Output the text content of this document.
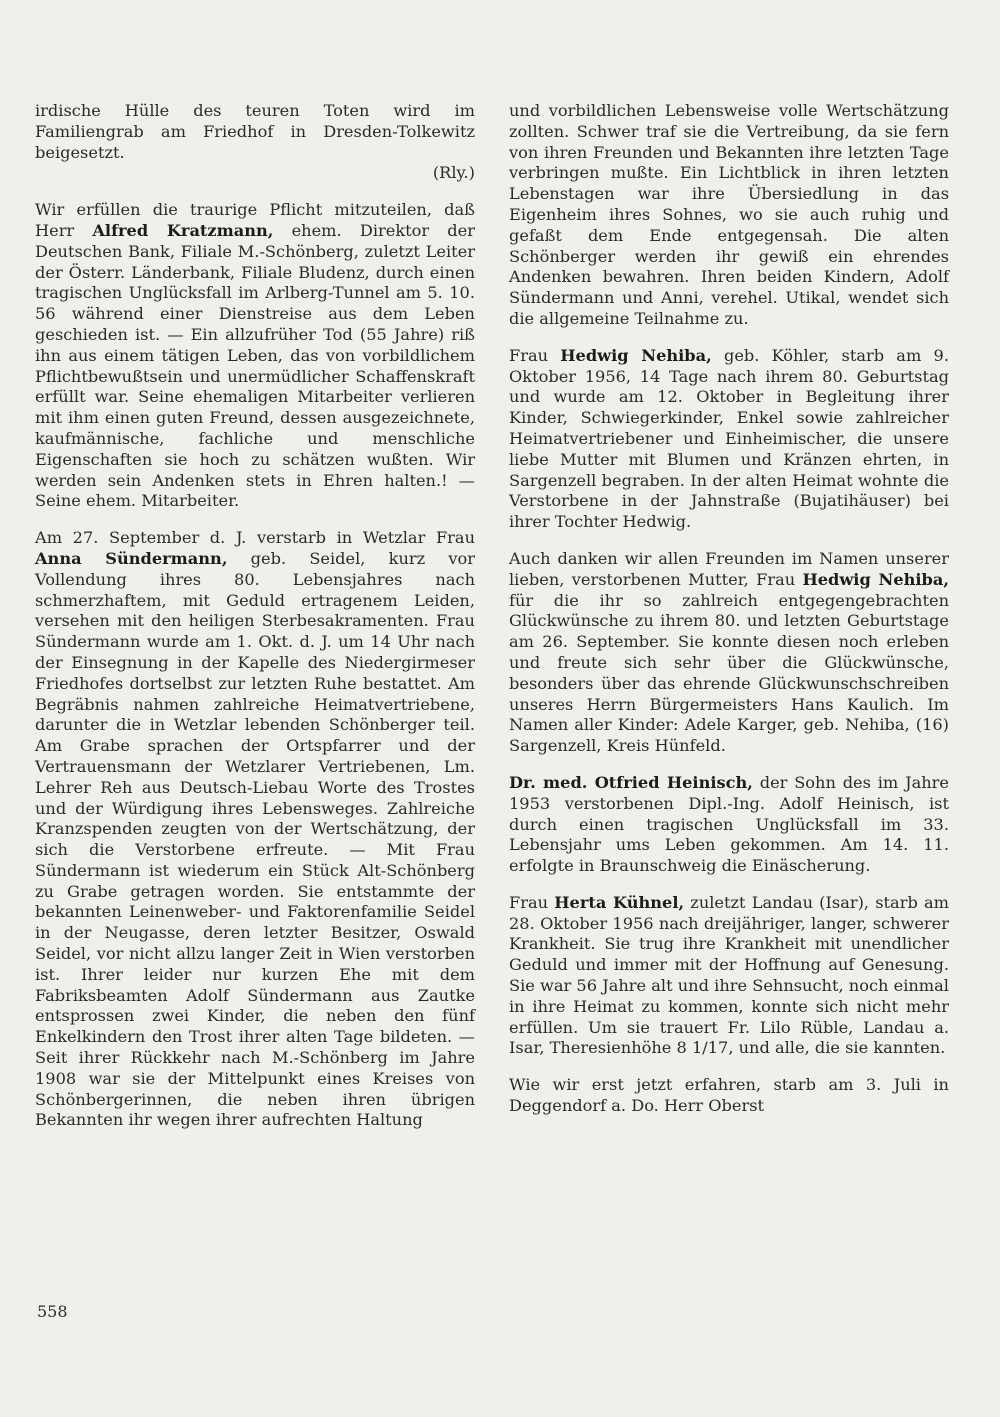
irdische Hülle des teuren Toten wird im Familiengrab am Friedhof in Dresden-Tolkewitz beigesetzt.
(Rly.)

Wir erfüllen die traurige Pflicht mitzuteilen, daß Herr Alfred Kratzmann, ehem. Direktor der Deutschen Bank, Filiale M.-Schönberg, zuletzt Leiter der Österr. Länderbank, Filiale Bludenz, durch einen tragischen Unglücksfall im Arlberg-Tunnel am 5. 10. 56 während einer Dienstreise aus dem Leben geschieden ist. — Ein allzufrüher Tod (55 Jahre) riß ihn aus einem tätigen Leben, das von vorbildlichem Pflichtbewußtsein und unermüdlicher Schaffenskraft erfüllt war. Seine ehemaligen Mitarbeiter verlieren mit ihm einen guten Freund, dessen ausgezeichnete, kaufmännische, fachliche und menschliche Eigenschaften sie hoch zu schätzen wußten. Wir werden sein Andenken stets in Ehren halten.! — Seine ehem. Mitarbeiter.

Am 27. September d. J. verstarb in Wetzlar Frau Anna Sündermann, geb. Seidel, kurz vor Vollendung ihres 80. Lebensjahres nach schmerzhaftem, mit Geduld ertragenem Leiden, versehen mit den heiligen Sterbesakramenten. Frau Sündermann wurde am 1. Okt. d. J. um 14 Uhr nach der Einsegnung in der Kapelle des Niedergirmeser Friedhofes dortselbst zur letzten Ruhe bestattet. Am Begräbnis nahmen zahlreiche Heimatvertriebene, darunter die in Wetzlar lebenden Schönberger teil. Am Grabe sprachen der Ortspfarrer und der Vertrauensmann der Wetzlarer Vertriebenen, Lm. Lehrer Reh aus Deutsch-Liebau Worte des Trostes und der Würdigung ihres Lebensweges. Zahlreiche Kranzspenden zeugten von der Wertschätzung, der sich die Verstorbene erfreute. — Mit Frau Sündermann ist wiederum ein Stück Alt-Schönberg zu Grabe getragen worden. Sie entstammte der bekannten Leinenweber- und Faktorenfamilie Seidel in der Neugasse, deren letzter Besitzer, Oswald Seidel, vor nicht allzu langer Zeit in Wien verstorben ist. Ihrer leider nur kurzen Ehe mit dem Fabriksbeamten Adolf Sündermann aus Zautke entsprossen zwei Kinder, die neben den fünf Enkelkindern den Trost ihrer alten Tage bildeten. — Seit ihrer Rückkehr nach M.-Schönberg im Jahre 1908 war sie der Mittelpunkt eines Kreises von Schönbergerinnen, die neben ihren übrigen Bekannten ihr wegen ihrer aufrechten Haltung

und vorbildlichen Lebensweise volle Wertschätzung zollten. Schwer traf sie die Vertreibung, da sie fern von ihren Freunden und Bekannten ihre letzten Tage verbringen mußte. Ein Lichtblick in ihren letzten Lebenstagen war ihre Übersiedlung in das Eigenheim ihres Sohnes, wo sie auch ruhig und gefaßt dem Ende entgegensah. Die alten Schönberger werden ihr gewiß ein ehrendes Andenken bewahren. Ihren beiden Kindern, Adolf Sündermann und Anni, verehel. Utikal, wendet sich die allgemeine Teilnahme zu.

Frau Hedwig Nehiba, geb. Köhler, starb am 9. Oktober 1956, 14 Tage nach ihrem 80. Geburtstag und wurde am 12. Oktober in Begleitung ihrer Kinder, Schwiegerkinder, Enkel sowie zahlreicher Heimatvertriebener und Einheimischer, die unsere liebe Mutter mit Blumen und Kränzen ehrten, in Sargenzell begraben. In der alten Heimat wohnte die Verstorbene in der Jahnstraße (Bujatihäuser) bei ihrer Tochter Hedwig.

Auch danken wir allen Freunden im Namen unserer lieben, verstorbenen Mutter, Frau Hedwig Nehiba, für die ihr so zahlreich entgegengebrachten Glückwünsche zu ihrem 80. und letzten Geburtstage am 26. September. Sie konnte diesen noch erleben und freute sich sehr über die Glückwünsche, besonders über das ehrende Glückwunschschreiben unseres Herrn Bürgermeisters Hans Kaulich. Im Namen aller Kinder: Adele Karger, geb. Nehiba, (16) Sargenzell, Kreis Hünfeld.

Dr. med. Otfried Heinisch, der Sohn des im Jahre 1953 verstorbenen Dipl.-Ing. Adolf Heinisch, ist durch einen tragischen Unglücksfall im 33. Lebensjahr ums Leben gekommen. Am 14. 11. erfolgte in Braunschweig die Einäscherung.

Frau Herta Kühnel, zuletzt Landau (Isar), starb am 28. Oktober 1956 nach dreijähriger, langer, schwerer Krankheit. Sie trug ihre Krankheit mit unendlicher Geduld und immer mit der Hoffnung auf Genesung. Sie war 56 Jahre alt und ihre Sehnsucht, noch einmal in ihre Heimat zu kommen, konnte sich nicht mehr erfüllen. Um sie trauert Fr. Lilo Rüble, Landau a. Isar, Theresienhöhe 8 1/17, und alle, die sie kannten.

Wie wir erst jetzt erfahren, starb am 3. Juli in Deggendorf a. Do. Herr Oberst

558
